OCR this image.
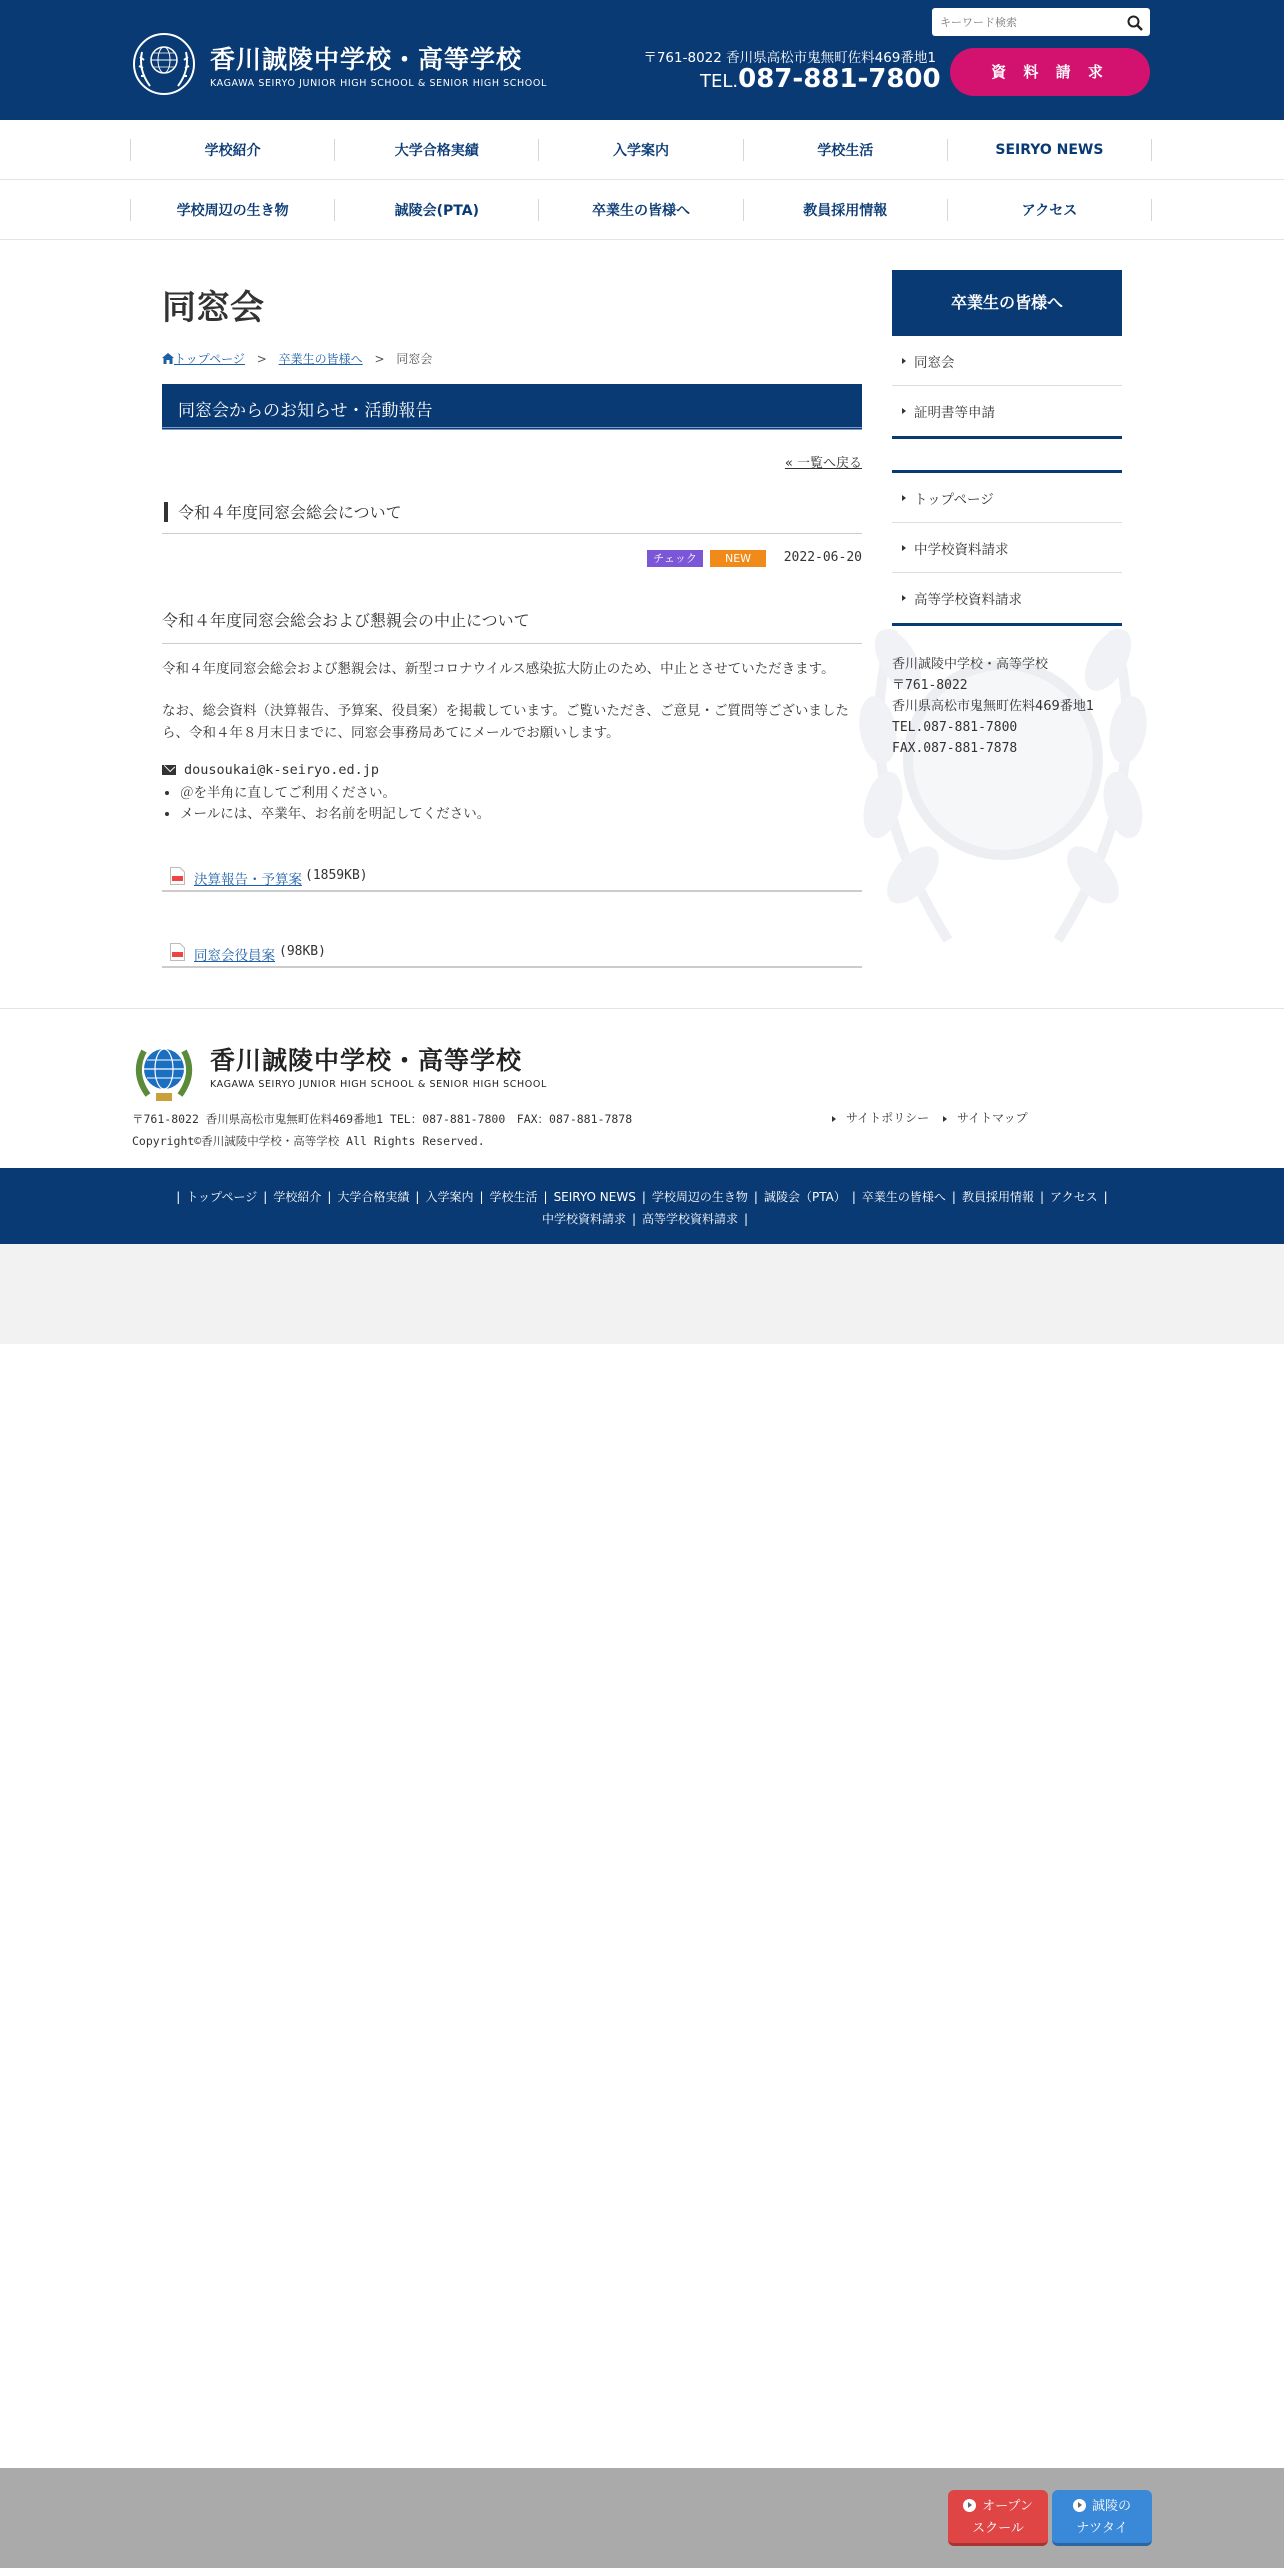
香川誠陵中学校・高等学校
KAGAWA SEIRYO JUNIOR HIGH SCHOOL & SENIOR HIGH SCHOOL
キーワード検索
〒761-8022 香川県高松市鬼無町佐料469番地1
TEL.087-881-7800	資 料 請 求
学校紹介	大学合格実績	入学案内	学校生活	SEIRYO NEWS
学校周辺の生き物	誠陵会(PTA)	卒業生の皆様へ	教員採用情報	アクセス
同窓会
トップページ > 卒業生の皆様へ > 同窓会
同窓会からのお知らせ・活動報告
« 一覧へ戻る
令和４年度同窓会総会について
チェック	NEW	2022-06-20
令和４年度同窓会総会および懇親会の中止について

令和４年度同窓会総会および懇親会は、新型コロナウイルス感染拡大防止のため、中止とさせていただきます。

なお、総会資料（決算報告、予算案、役員案）を掲載しています。ご覧いただき、ご意見・ご質問等ございましたら、令和４年８月末日までに、同窓会事務局あてにメールでお願いします。

dousoukai@k-seiryo.ed.jp
• ＠を半角に直してご利用ください。
• メールには、卒業年、お名前を明記してください。
決算報告・予算案 (1859KB)
同窓会役員案 (98KB)
卒業生の皆様へ
同窓会
証明書等申請
トップページ
中学校資料請求
高等学校資料請求
香川誠陵中学校・高等学校
〒761-8022
香川県高松市鬼無町佐料469番地1
TEL.087-881-7800
FAX.087-881-7878
香川誠陵中学校・高等学校
KAGAWA SEIRYO JUNIOR HIGH SCHOOL & SENIOR HIGH SCHOOL
〒761-8022 香川県高松市鬼無町佐料469番地1 TEL：087-881-7800　FAX：087-881-7878
Copyright©香川誠陵中学校・高等学校 All Rights Reserved.
サイトポリシー サイトマップ
| トップページ | 学校紹介 | 大学合格実績 | 入学案内 | 学校生活 | SEIRYO NEWS | 学校周辺の生き物 | 誠陵会（PTA） | 卒業生の皆様へ | 教員採用情報 | アクセス |
中学校資料請求 | 高等学校資料請求 |
オープン
スクール
誠陵の
ナツタイ
